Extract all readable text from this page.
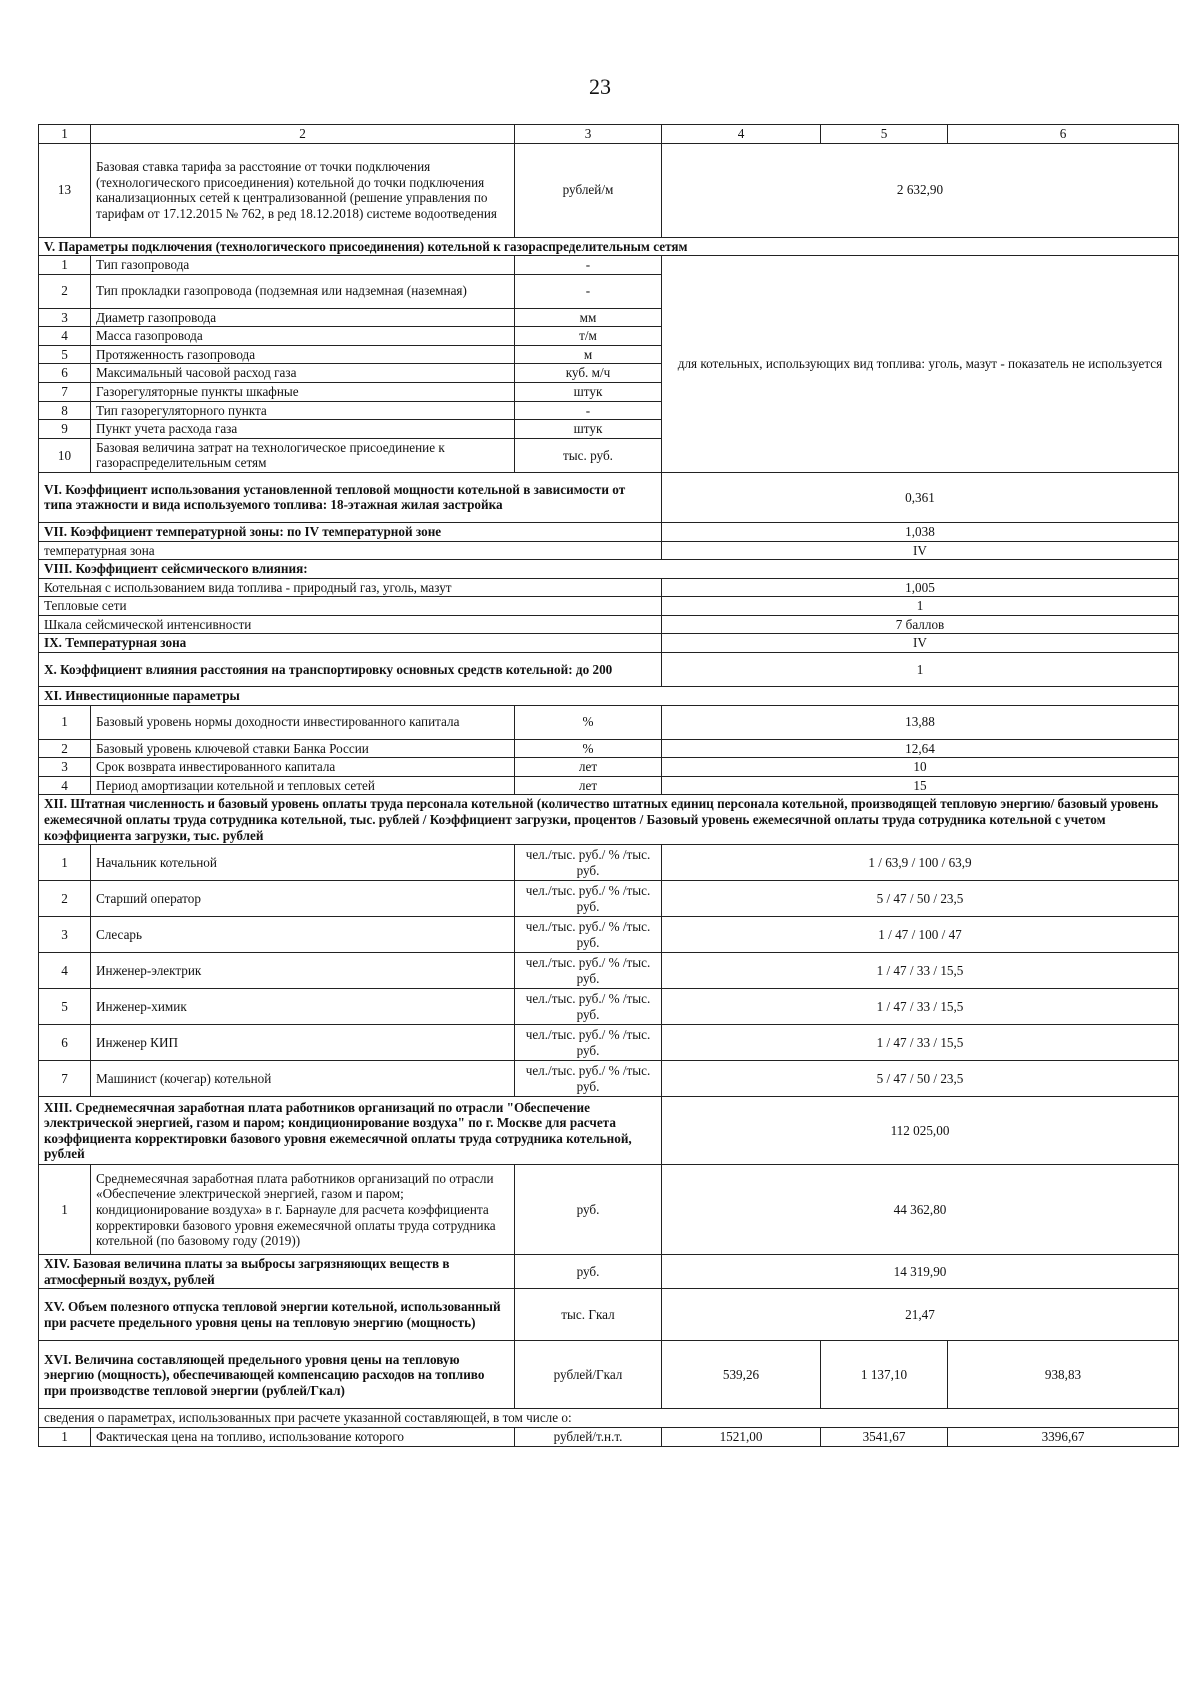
23
1	2	3	4	5	6
13	Базовая ставка тарифа за расстояние от точки подключения (технологического присоединения) котельной до точки подключения канализационных сетей к централизованной (решение управления по тарифам от 17.12.2015 № 762, в ред 18.12.2018) системе водоотведения	рублей/м	2 632,90		
V. Параметры подключения (технологического присоединения) котельной к газораспределительным сетям					
1	Тип газопровода	-	для котельных, использующих вид топлива: уголь, мазут - показатель не используется		
2	Тип прокладки газопровода (подземная или надземная (наземная)	-			
3	Диаметр газопровода	мм			
4	Масса газопровода	т/м			
5	Протяженность газопровода	м			
6	Максимальный часовой расход газа	куб. м/ч			
7	Газорегуляторные пункты шкафные	штук			
8	Тип газорегуляторного пункта	-			
9	Пункт учета расхода газа	штук			
10	Базовая величина затрат на технологическое присоединение к газораспределительным сетям	тыс. руб.			
VI. Коэффициент использования установленной тепловой мощности котельной в зависимости от типа этажности и вида используемого топлива: 18-этажная жилая застройка			0,361		
VII. Коэффициент температурной зоны: по IV температурной зоне			1,038		
температурная зона			IV		
VIII. Коэффициент сейсмического влияния:					
Котельная с использованием вида топлива - природный газ, уголь, мазут			1,005		
Тепловые сети			1		
Шкала сейсмической интенсивности			7 баллов		
IX. Температурная зона			IV		
X. Коэффициент влияния расстояния на транспортировку основных средств котельной: до 200			1		
XI. Инвестиционные параметры					
1	Базовый уровень нормы доходности инвестированного капитала	%	13,88		
2	Базовый уровень ключевой ставки Банка России	%	12,64		
3	Срок возврата инвестированного капитала	лет	10		
4	Период амортизации котельной и тепловых сетей	лет	15		
XII. Штатная численность и базовый уровень оплаты труда персонала котельной (количество штатных единиц персонала котельной, производящей тепловую энергию/ базовый уровень ежемесячной оплаты труда сотрудника котельной, тыс. рублей / Коэффициент загрузки, процентов / Базовый уровень ежемесячной оплаты труда сотрудника котельной с учетом коэффициента загрузки, тыс. рублей					
1	Начальник котельной	чел./тыс. руб./ % /тыс. руб.	1 / 63,9 / 100 / 63,9		
2	Старший оператор	чел./тыс. руб./ % /тыс. руб.	5 / 47 / 50 / 23,5		
3	Слесарь	чел./тыс. руб./ % /тыс. руб.	1 / 47 / 100 / 47		
4	Инженер-электрик	чел./тыс. руб./ % /тыс. руб.	1 / 47 / 33 / 15,5		
5	Инженер-химик	чел./тыс. руб./ % /тыс. руб.	1 / 47 / 33 / 15,5		
6	Инженер КИП	чел./тыс. руб./ % /тыс. руб.	1 / 47 / 33 / 15,5		
7	Машинист (кочегар) котельной	чел./тыс. руб./ % /тыс. руб.	5 / 47 / 50 / 23,5		
XIII. Среднемесячная заработная плата работников организаций по отрасли "Обеспечение электрической энергией, газом и паром; кондиционирование воздуха" по г. Москве для расчета коэффициента корректировки базового уровня ежемесячной оплаты труда сотрудника котельной, рублей			112 025,00		
1	Среднемесячная заработная плата работников организаций по отрасли «Обеспечение электрической энергией, газом и паром; кондиционирование воздуха» в г. Барнауле для расчета коэффициента корректировки базового уровня ежемесячной оплаты труда сотрудника котельной (по базовому году (2019))	руб.	44 362,80		
XIV. Базовая величина платы за выбросы загрязняющих веществ в атмосферный воздух, рублей		руб.	14 319,90		
XV. Объем полезного отпуска тепловой энергии котельной, использованный при расчете предельного уровня цены на тепловую энергию (мощность)		тыс. Гкал	21,47		
XVI. Величина составляющей предельного уровня цены на тепловую энергию (мощность), обеспечивающей компенсацию расходов на топливо при производстве тепловой энергии (рублей/Гкал)		рублей/Гкал	539,26	1 137,10	938,83
сведения о параметрах, использованных при расчете указанной составляющей, в том числе о:					
1	Фактическая цена на топливо, использование которого	рублей/т.н.т.	1521,00	3541,67	3396,67
